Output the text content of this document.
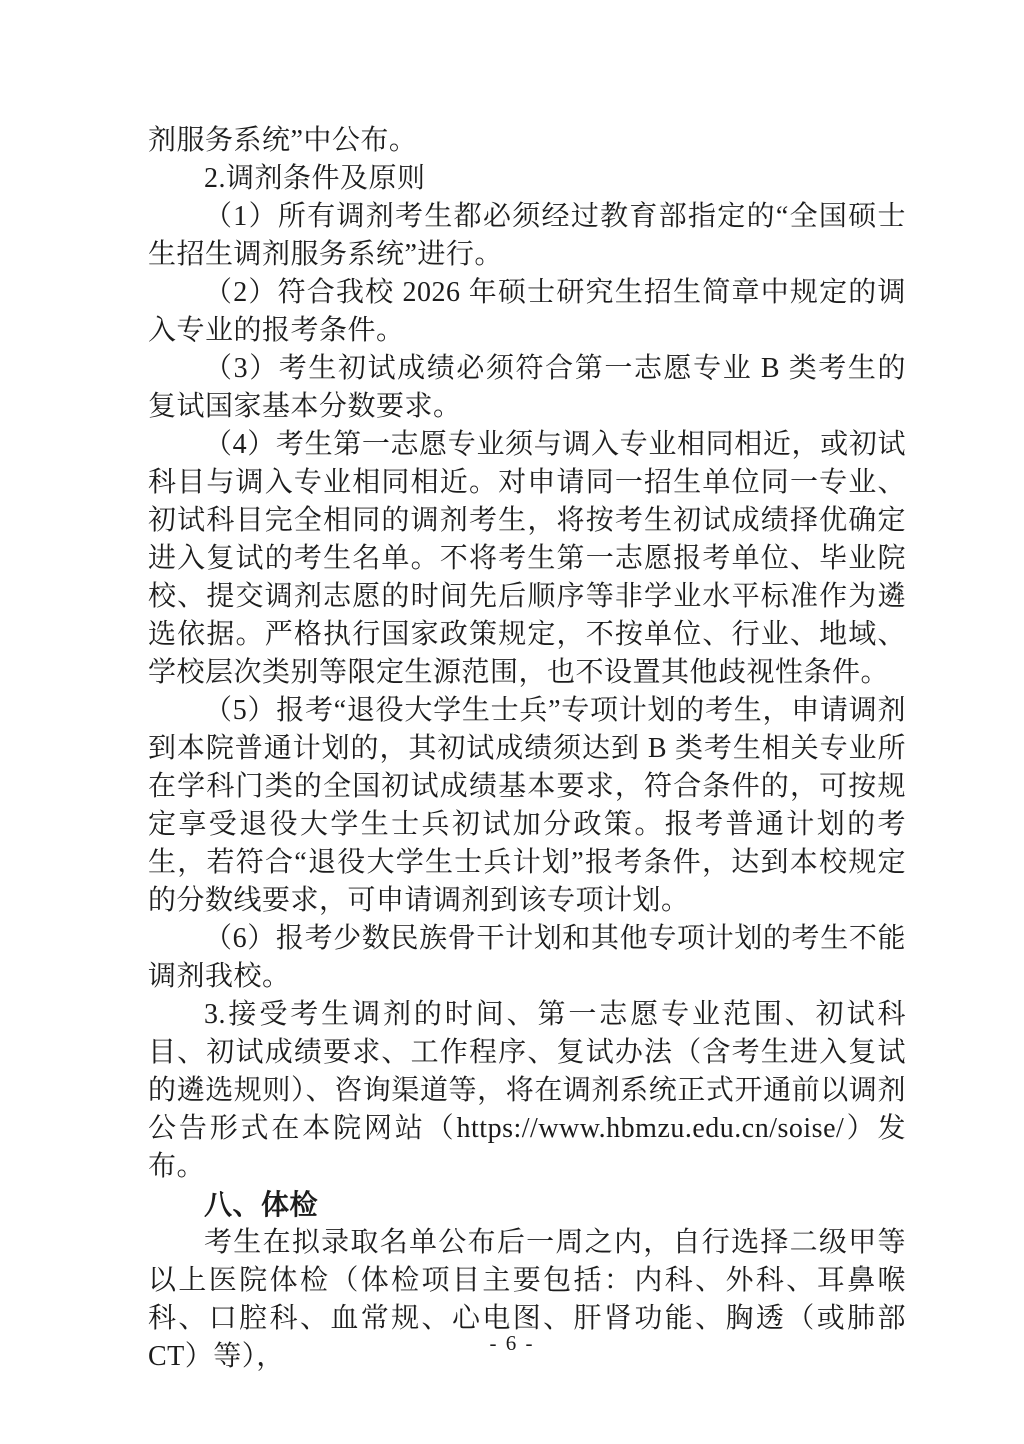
剂服务系统”中公布。

2.调剂条件及原则

（1）所有调剂考生都必须经过教育部指定的“全国硕士生招生调剂服务系统”进行。

（2）符合我校 2026 年硕士研究生招生简章中规定的调入专业的报考条件。

（3）考生初试成绩必须符合第一志愿专业 B 类考生的复试国家基本分数要求。

（4）考生第一志愿专业须与调入专业相同相近，或初试科目与调入专业相同相近。对申请同一招生单位同一专业、初试科目完全相同的调剂考生，将按考生初试成绩择优确定进入复试的考生名单。不将考生第一志愿报考单位、毕业院校、提交调剂志愿的时间先后顺序等非学业水平标准作为遴选依据。严格执行国家政策规定，不按单位、行业、地域、学校层次类别等限定生源范围，也不设置其他歧视性条件。

（5）报考“退役大学生士兵”专项计划的考生，申请调剂到本院普通计划的，其初试成绩须达到 B 类考生相关专业所在学科门类的全国初试成绩基本要求，符合条件的，可按规定享受退役大学生士兵初试加分政策。报考普通计划的考生，若符合“退役大学生士兵计划”报考条件，达到本校规定的分数线要求，可申请调剂到该专项计划。

（6）报考少数民族骨干计划和其他专项计划的考生不能调剂我校。

3.接受考生调剂的时间、第一志愿专业范围、初试科目、初试成绩要求、工作程序、复试办法（含考生进入复试的遴选规则）、咨询渠道等，将在调剂系统正式开通前以调剂公告形式在本院网站（https://www.hbmzu.edu.cn/soise/）发布。

八、体检

考生在拟录取名单公布后一周之内，自行选择二级甲等以上医院体检（体检项目主要包括：内科、外科、耳鼻喉科、口腔科、血常规、心电图、肝肾功能、胸透（或肺部 CT）等），	- 6 -
